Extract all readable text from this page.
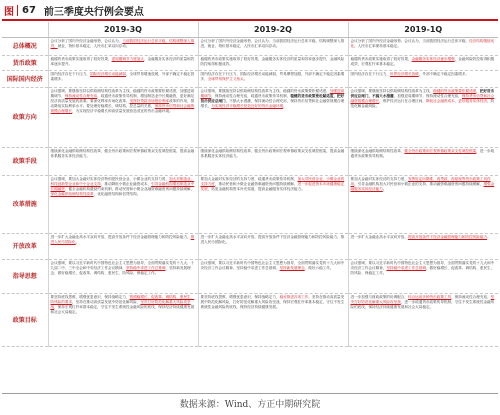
图 67 前三季度央行例会要点
	2019-3Q	2019-2Q	2019-1Q
总体概况	会议分析了国内外经济金融形势，会议认为，当前我国经济运行总体平稳，结构调整深入推进，就业、物价基本稳定，人民币汇率双向浮动。	会议分析了国内外经济金融形势，会议认为，当前我国经济运行总体平稳，结构调整深入推进，就业、物价基本稳定，人民币汇率双向浮动。	会议分析了国内外经济金融形势。会议认为，当前我国经济运行总体平稳，经济结构继续优化，人民币汇率保持基本稳定。

货币政策	稳健的货币政策实施取得了较好效果，逆周期调节力度加大，金融服务实体经济的质量和效率逐步提升。	稳健的货币政策实施取得了较好效果，金融服务实体经济的质量和效率逐步提升，金融风险防控取得积极成效。	稳健的货币政策实施取得了较好效果，金融服务实体经济逐步增强，金融风险防控取得积极成效，宏观杠杆率基本稳定。

国际国内经济	国内经济存在下行压力，国际经济增长动能减弱，全球贸易增速放缓，外部不确定不稳定因素增多。	国内经济存在下行压力，国际经济增长动能减弱，贸易摩擦加剧，外部不确定不稳定因素增多，全球贸易保护主义抬头。	国内经济存在下行压力，世界经济增长放缓，外部不确定不稳定因素增多。

政策方向	会议强调，要继续坚持以供给侧结构性改革为主线，稳健的货币政策要松紧适度，加强逆周期调节，保持流动性合理充裕，疏通货币政策传导机制，增加制造业中长期融资，更好满足经济高质量发展的需要。要深化利率市场化改革，发挥好贷款市场报价利率改革的作用，推动降低实际利率水平。要处理好稳增长、调结构、控总量的关系，保持货币信贷和社会融资规模合理增长，为实现经济平稳增长和高质量发展营造适宜的货币金融环境。	会议强调，要继续坚持以供给侧结构性改革为主线，稳健的货币政策要松紧适度，加强逆周期调节，保持流动性合理充裕，疏通货币政策传导机制，稳健的货币政策要松紧适度，把好货币供应总闸门，不搞大水漫灌，保持流动性合理充裕，保持货币信贷和社会融资规模合理增长，为实现经济平稳增长营造良好的货币金融环境。	会议强调，要继续坚持以供给侧结构性改革为主线，稳健的货币政策要松紧适度，把好货币供应总闸门，不搞大水漫灌，加强逆周期调节，保持流动性合理充裕，保持货币信贷和社会融资规模合理增长，维护经济运行在合理区间，降低社会融资成本，更好服务实体经济，防范化解金融风险。

政策手段	继续深化金融供给侧结构性改革，健全货币政策和宏观审慎政策双支柱调控框架，提高金融体系服务实体经济能力。	继续深化金融供给侧结构性改革，健全货币政策和宏观审慎政策双支柱调控框架，提高金融体系服务实体经济能力。	继续深化金融供给侧结构性改革，健全货币政策和宏观审慎政策双支柱调控框架，进一步疏通货币政策传导机制。

改革措施	会议强调，要加大金融对实体经济特别是民营企业、小微企业的支持力度，加大对制造业、科技创新型企业和中小企业支持，推动降低小微企业融资成本，引导金融机构增加制造业中长期融资，健全金融机构激励约束机制，推动民营和小微企业融资难融资贵问题持续缓解，深化金融供给侧结构性改革，优化融资结构和信贷结构。	要加大金融对实体经济的支持力度，疏通货币政策传导机制，加大对民营企业、小微企业的支持力度，推动民营和小微企业融资难融资贵问题持续缓解，进一步促进资本市场健康稳定发展，拓宽金融机构资本补充渠道，提高金融服务实体经济能力。	要加大金融对实体经济的支持力度，发挥好定向降准、再贷款、再贴现等货币政策工具作用，引导金融机构加大对民营和小微企业的支持，推动融资难融资贵问题持续缓解，增强金融服务实体经济能力。

开放改革	进一步扩大金融业高水平双向开放，提高开放条件下经济金融管理能力和防控风险能力，推进人民币国际化。	进一步扩大金融业高水平双向开放，提高开放条件下经济金融管理能力和防控风险能力，推进人民币国际化。	进一步扩大金融业高水平双向开放，提高开放条件下经济金融管理能力和防控风险能力。

指导思想	会议强调，要以习近平新时代中国特色社会主义思想为指导，全面贯彻落实党的十九大、十九届二中、三中全会和中央经济工作会议精神，坚持稳中求进工作总基调，坚持新发展理念，做好稳增长、促改革、调结构、惠民生、防风险、保稳定工作。	会议强调，要以习近平新时代中国特色社会主义思想为指导，全面贯彻落实党的十九大和中央经济工作会议精神，坚持稳中求进工作总基调，坚持新发展理念，做好六稳工作。	会议强调，要以习近平新时代中国特色社会主义思想为指导，全面贯彻落实党的十九大和中央经济工作会议精神，坚持稳中求进工作总基调，做好稳增长、促改革、调结构、惠民生、防风险、保稳定工作。

政策目标	要坚持底线思维，增强忧患意识，保持战略定力，按照稳增长、促改革、调结构、惠民生、防风险的要求，坚持在推动高质量发展中防范化解风险，坚决打好防范化解重大风险攻坚战，保持宏观杠杆率基本稳定，守住不发生系统性金融风险的底线，保持经济持续健康发展和社会大局稳定。	要坚持底线思维，增强忧患意识，保持战略定力，稳妥推进各项工作，坚持在推动高质量发展中防范化解风险，打好防范化解重大风险攻坚战，保持宏观杠杆率基本稳定，守住不发生系统性金融风险的底线，保持经济持续健康发展。	进一步加强与财政政策的协调配合，综合运用多种货币政策工具，保持流动性合理充裕，坚决打好防范化解重大风险攻坚战，进一步疏通货币政策传导机制，守住不发生系统性金融风险的底线，保持经济持续健康发展和社会大局稳定。

数据来源：Wind、方正中期研究院
